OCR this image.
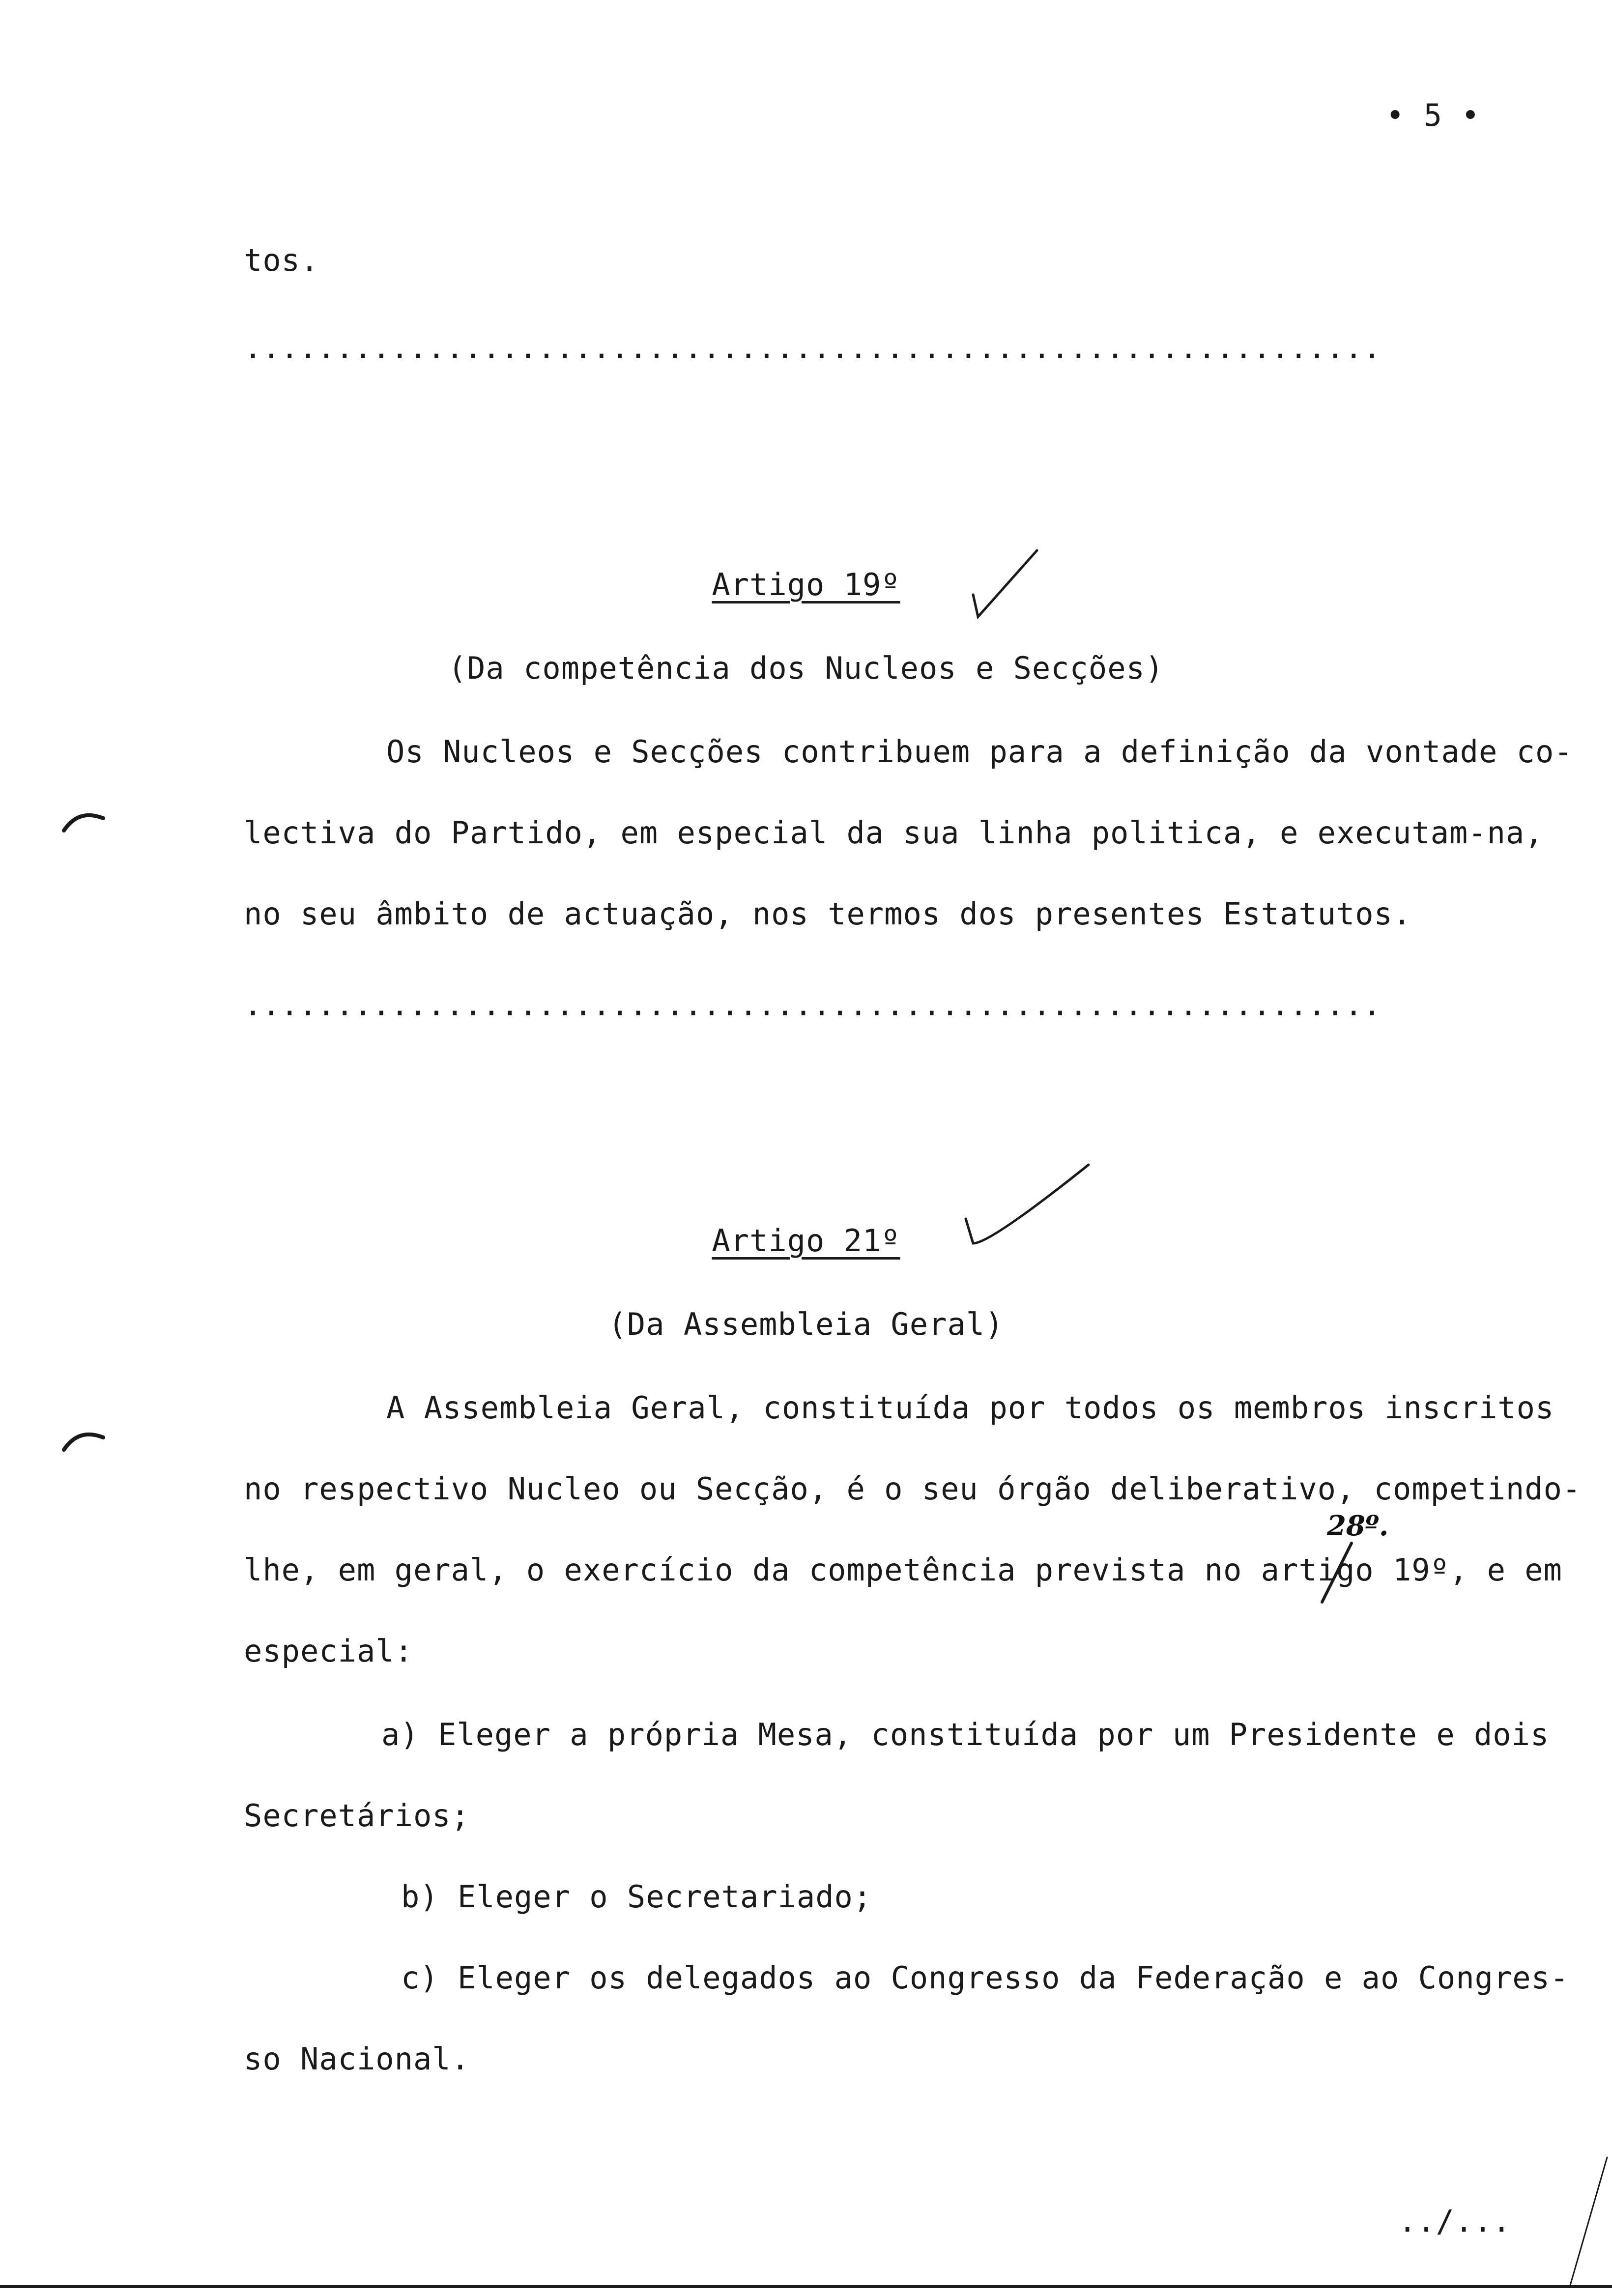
• 5 •
tos.
..............................................................
Artigo 19º
(Da competência dos Nucleos e Secções)
Os Nucleos e Secções contribuem para a definição da vontade co-
lectiva do Partido, em especial da sua linha politica, e executam-na,
no seu âmbito de actuação, nos termos dos presentes Estatutos.
..............................................................
Artigo 21º
(Da Assembleia Geral)
A Assembleia Geral, constituída por todos os membros inscritos
no respectivo Nucleo ou Secção, é o seu órgão deliberativo, competindo-
28º.
lhe, em geral, o exercício da competência prevista no artigo 19º, e em
especial:
a) Eleger a própria Mesa, constituída por um Presidente e dois
Secretários;
b) Eleger o Secretariado;
c) Eleger os delegados ao Congresso da Federação e ao Congres-
so Nacional.
../...
